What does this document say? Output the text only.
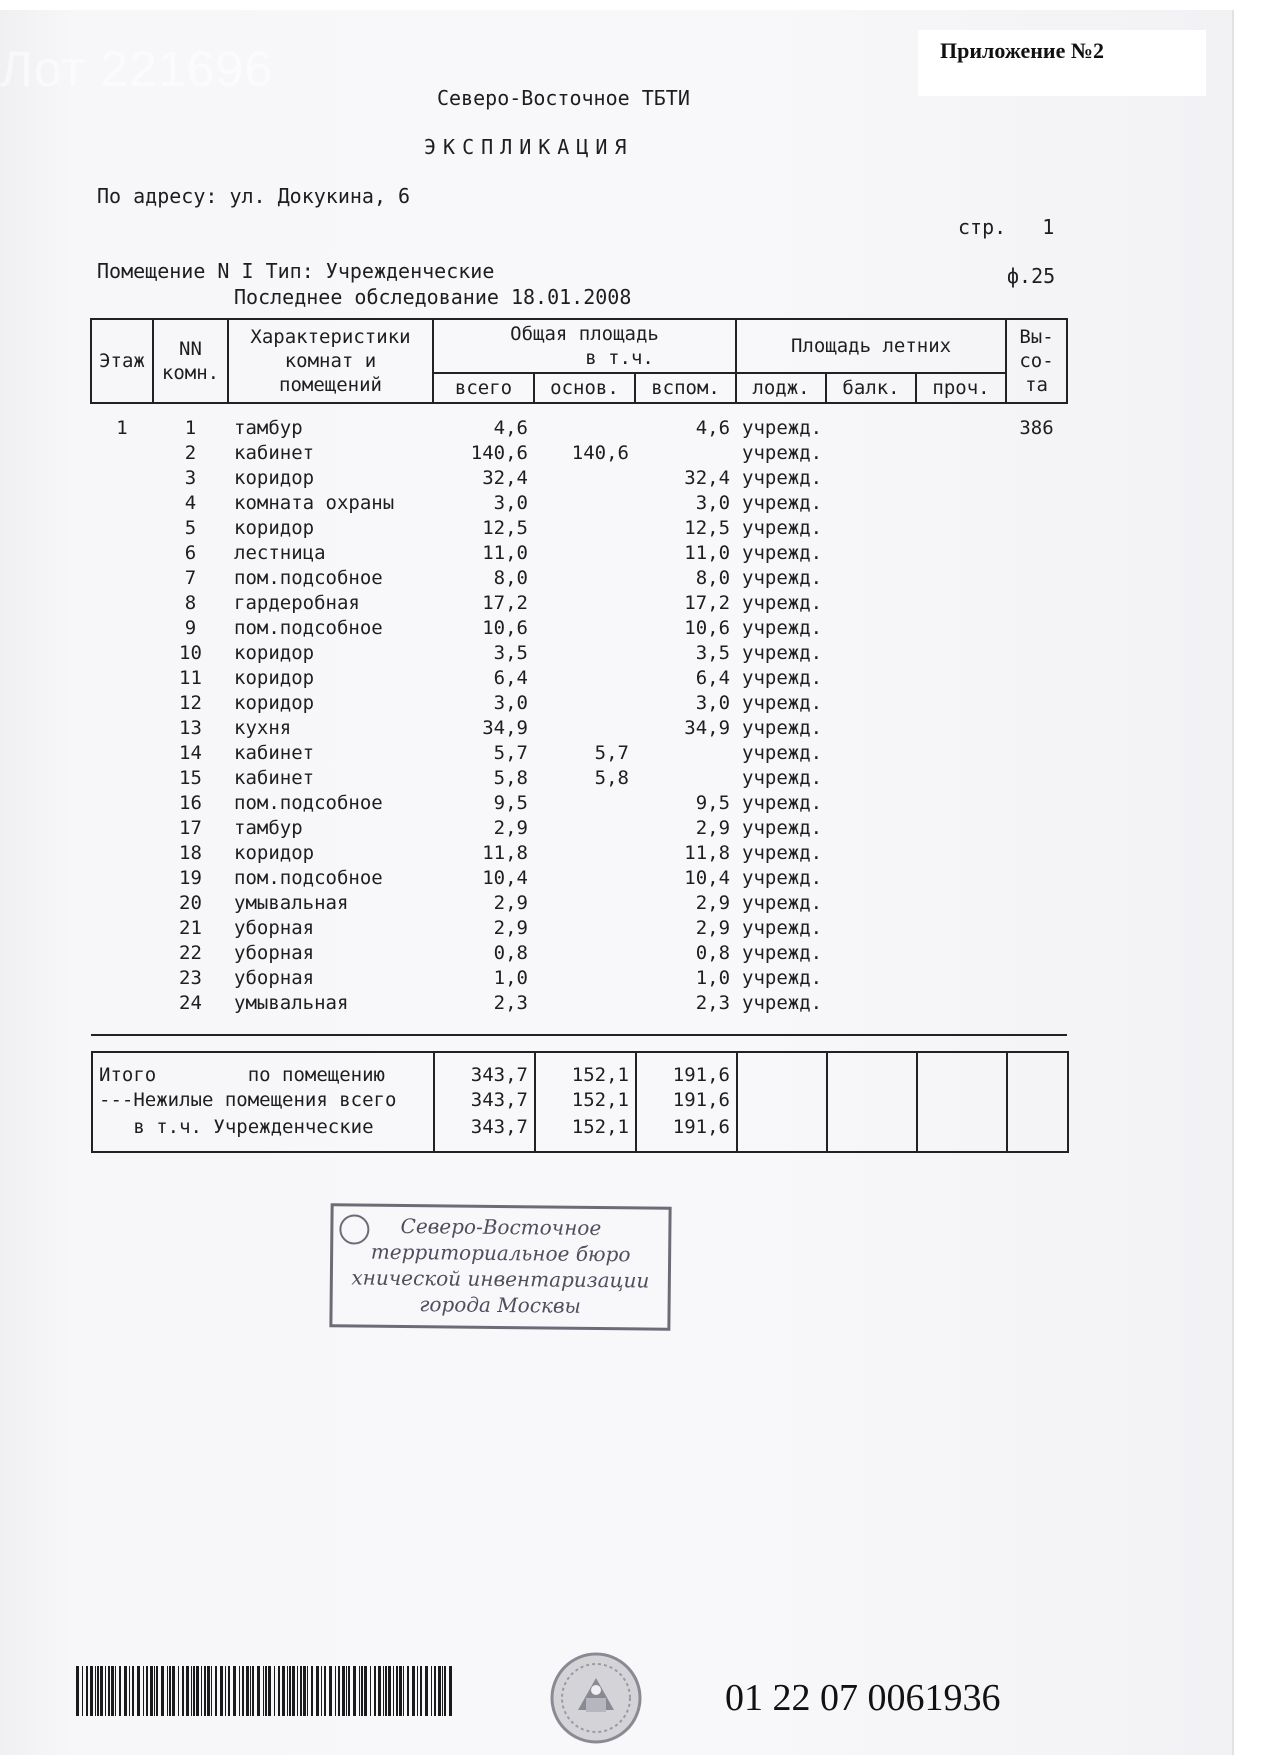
Лот 221696	Приложение №2
Северо-Восточное ТБТИ
ЭКСПЛИКАЦИЯ
По адресу: ул. Докукина, 6
стр.   1
Помещение N I Тип: Учрежденческие	ф.25
Последнее обследование 18.01.2008
Этаж	NN комн.	Характеристики комнат и помещений	Общая площадь
в т.ч.			Площадь летних			Вы- со- та
			всего	основ.	вспом.	лодж.	балк.	проч.	
1	1	тамбур	4,6		4,6	учрежд.			386
	2	кабинет	140,6	140,6		учрежд.			
	3	коридор	32,4		32,4	учрежд.			
	4	комната охраны	3,0		3,0	учрежд.			
	5	коридор	12,5		12,5	учрежд.			
	6	лестница	11,0		11,0	учрежд.			
	7	пом.подсобное	8,0		8,0	учрежд.			
	8	гардеробная	17,2		17,2	учрежд.			
	9	пом.подсобное	10,6		10,6	учрежд.			
	10	коридор	3,5		3,5	учрежд.			
	11	коридор	6,4		6,4	учрежд.			
	12	коридор	3,0		3,0	учрежд.			
	13	кухня	34,9		34,9	учрежд.			
	14	кабинет	5,7	5,7		учрежд.			
	15	кабинет	5,8	5,8		учрежд.			
	16	пом.подсобное	9,5		9,5	учрежд.			
	17	тамбур	2,9		2,9	учрежд.			
	18	коридор	11,8		11,8	учрежд.			
	19	пом.подсобное	10,4		10,4	учрежд.			
	20	умывальная	2,9		2,9	учрежд.			
	21	уборная	2,9		2,9	учрежд.			
	22	уборная	0,8		0,8	учрежд.			
	23	уборная	1,0		1,0	учрежд.			
	24	умывальная	2,3		2,3	учрежд.			

Итого        по помещению	343,7	152,1	191,6				
---Нежилые помещения всего	343,7	152,1	191,6				
в т.ч. Учрежденческие	343,7	152,1	191,6				
Северо-Восточное
территориальное бюро
хнической инвентаризации
города Москвы
01 22 07 0061936
